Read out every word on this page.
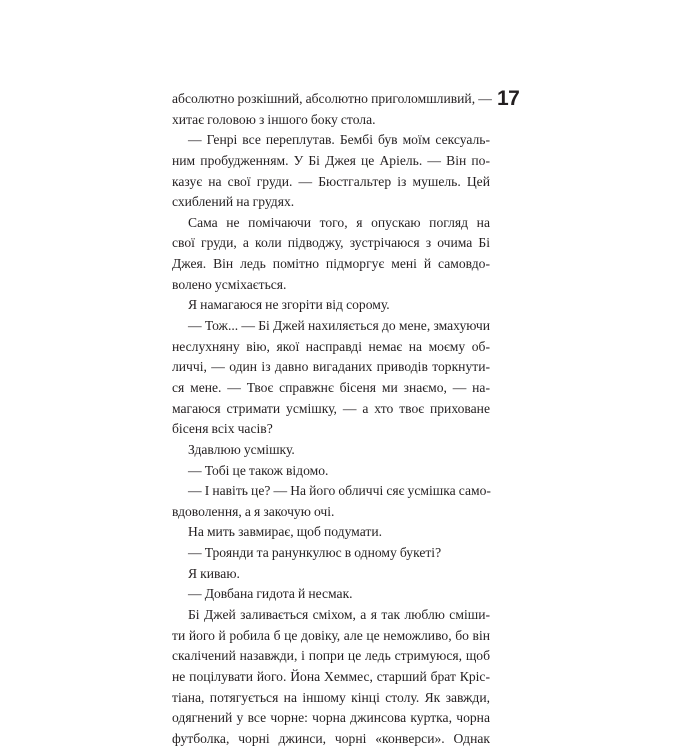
17
абсолютно розкішний, абсолютно приголомшливий, —
хитає головою з іншого боку стола.
— Генрі все переплутав. Бембі був моїм сексуаль-
ним пробудженням. У Бі Джея це Аріель. — Він по-
казує на свої груди. — Бюстгальтер із мушель. Цей
схиблений на грудях.
Сама не помічаючи того, я опускаю погляд на
свої груди, а коли підводжу, зустрічаюся з очима Бі
Джея. Він ледь помітно підморгує мені й самовдо-
волено усміхається.
Я намагаюся не згоріти від сорому.
— Тож... — Бі Джей нахиляється до мене, змахуючи
неслухняну вію, якої насправді немає на моєму об-
личчі, — один із давно вигаданих приводів торкнути-
ся мене. — Твоє справжнє бісеня ми знаємо, — на-
магаюся стримати усмішку, — а хто твоє приховане
бісеня всіх часів?
Здавлюю усмішку.
— Тобі це також відомо.
— І навіть це? — На його обличчі сяє усмішка само-
вдоволення, а я закочую очі.
На мить завмирає, щоб подумати.
— Троянди та ранункулюс в одному букеті?
Я киваю.
— Довбана гидота й несмак.
Бі Джей заливається сміхом, а я так люблю сміши-
ти його й робила б це довіку, але це неможливо, бо він
скалічений назавжди, і попри це ледь стримуюся, щоб
не поцілувати його. Йона Хеммес, старший брат Кріс-
тіана, потягується на іншому кінці столу. Як завжди,
одягнений у все чорне: чорна джинсова куртка, чорна
футболка, чорні джинси, чорні «конверси». Однак
